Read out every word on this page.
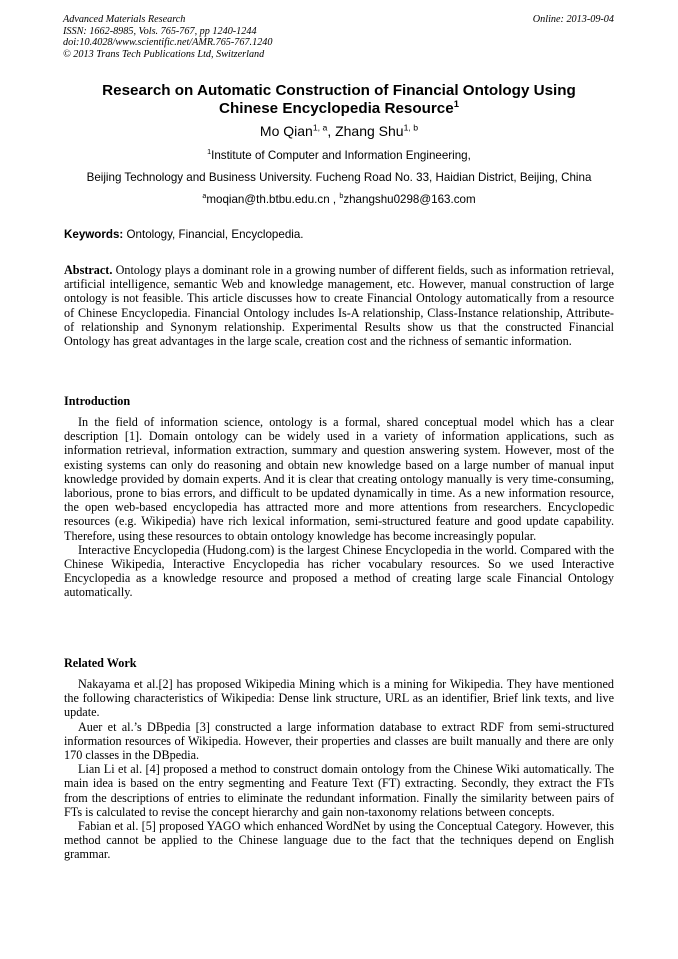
Advanced Materials Research
ISSN: 1662-8985, Vols. 765-767, pp 1240-1244
doi:10.4028/www.scientific.net/AMR.765-767.1240
© 2013 Trans Tech Publications Ltd, Switzerland
Online: 2013-09-04
Research on Automatic Construction of Financial Ontology Using
Chinese Encyclopedia Resource$^1$
Mo Qian$^{1, a}$, Zhang Shu$^{1, b}$
$^1$Institute of Computer and Information Engineering,
Beijing Technology and Business University. Fucheng Road No. 33, Haidian District, Beijing, China
$^a$moqian@th.btbu.edu.cn , $^b$zhangshu0298@163.com
Keywords: Ontology, Financial, Encyclopedia.
Abstract. Ontology plays a dominant role in a growing number of different fields, such as information retrieval, artificial intelligence, semantic Web and knowledge management, etc. However, manual construction of large ontology is not feasible. This article discusses how to create Financial Ontology automatically from a resource of Chinese Encyclopedia. Financial Ontology includes Is-A relationship, Class-Instance relationship, Attribute-of relationship and Synonym relationship. Experimental Results show us that the constructed Financial Ontology has great advantages in the large scale, creation cost and the richness of semantic information.
Introduction

In the field of information science, ontology is a formal, shared conceptual model which has a clear description [1]. Domain ontology can be widely used in a variety of information applications, such as information retrieval, information extraction, summary and question answering system. However, most of the existing systems can only do reasoning and obtain new knowledge based on a large number of manual input knowledge provided by domain experts. And it is clear that creating ontology manually is very time-consuming, laborious, prone to bias errors, and difficult to be updated dynamically in time. As a new information resource, the open web-based encyclopedia has attracted more and more attentions from researchers. Encyclopedic resources (e.g. Wikipedia) have rich lexical information, semi-structured feature and good update capability. Therefore, using these resources to obtain ontology knowledge has become increasingly popular.

Interactive Encyclopedia (Hudong.com) is the largest Chinese Encyclopedia in the world. Compared with the Chinese Wikipedia, Interactive Encyclopedia has richer vocabulary resources. So we used Interactive Encyclopedia as a knowledge resource and proposed a method of creating large scale Financial Ontology automatically.

Related Work

Nakayama et al.[2] has proposed Wikipedia Mining which is a mining for Wikipedia. They have mentioned the following characteristics of Wikipedia: Dense link structure, URL as an identifier, Brief link texts, and live update.

Auer et al.’s DBpedia [3] constructed a large information database to extract RDF from semi-structured information resources of Wikipedia. However, their properties and classes are built manually and there are only 170 classes in the DBpedia.

Lian Li et al. [4] proposed a method to construct domain ontology from the Chinese Wiki automatically. The main idea is based on the entry segmenting and Feature Text (FT) extracting. Secondly, they extract the FTs from the descriptions of entries to eliminate the redundant information. Finally the similarity between pairs of FTs is calculated to revise the concept hierarchy and gain non-taxonomy relations between concepts.

Fabian et al. [5] proposed YAGO which enhanced WordNet by using the Conceptual Category. However, this method cannot be applied to the Chinese language due to the fact that the techniques depend on English grammar.
